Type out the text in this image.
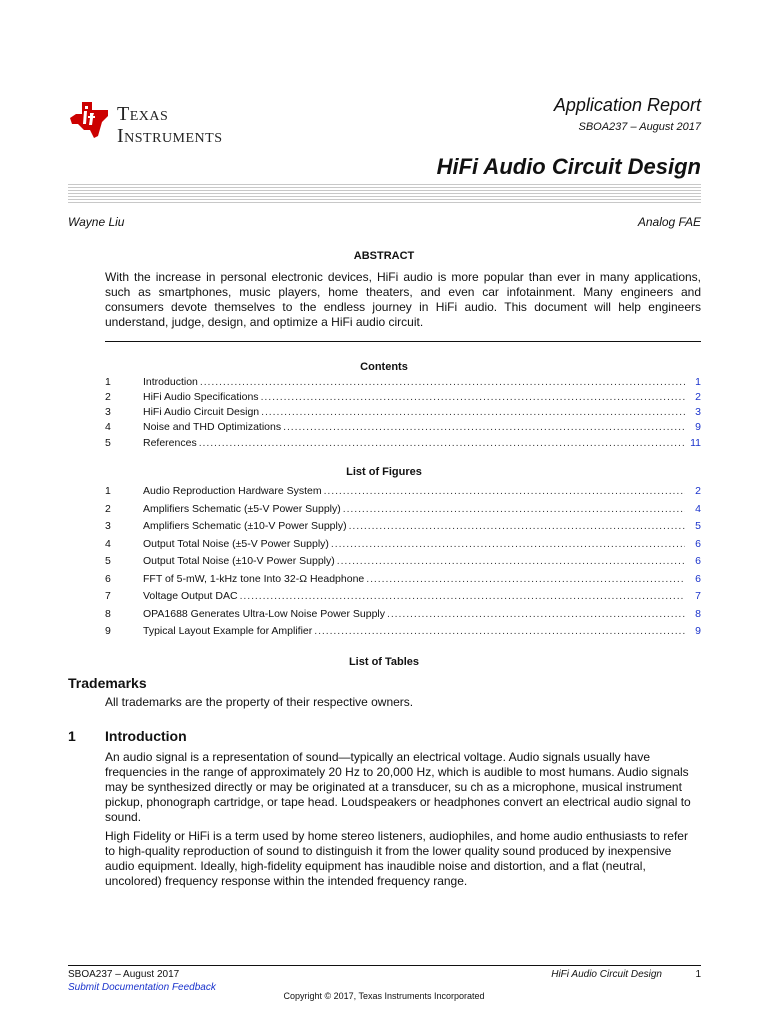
Texas
Instruments
Application Report
SBOA237 – August 2017
HiFi Audio Circuit Design
Wayne Liu	Analog FAE
ABSTRACT
With the increase in personal electronic devices, HiFi audio is more popular than ever in many applications, such as smartphones, music players, home theaters, and even car infotainment. Many engineers and consumers devote themselves to the endless journey in HiFi audio. This document will help engineers understand, judge, design, and optimize a HiFi audio circuit.
Contents
1	Introduction . . .	1
2	HiFi Audio Specifications . . .	2
3	HiFi Audio Circuit Design . . .	3
4	Noise and THD Optimizations . . .	9
5	References . . .	11
List of Figures
1	Audio Reproduction Hardware System . . .	2
2	Amplifiers Schematic (±5-V Power Supply) . . .	4
3	Amplifiers Schematic (±10-V Power Supply) . . .	5
4	Output Total Noise (±5-V Power Supply) . . .	6
5	Output Total Noise (±10-V Power Supply) . . .	6
6	FFT of 5-mW, 1-kHz tone Into 32-Ω Headphone . . .	6
7	Voltage Output DAC . . .	7
8	OPA1688 Generates Ultra-Low Noise Power Supply . . .	8
9	Typical Layout Example for Amplifier . . .	9
List of Tables
Trademarks
All trademarks are the property of their respective owners.
1 Introduction
An audio signal is a representation of sound—typically an electrical voltage. Audio signals usually have frequencies in the range of approximately 20 Hz to 20,000 Hz, which is audible to most humans. Audio signals may be synthesized directly or may be originated at a transducer, su ch as a microphone, musical instrument pickup, phonograph cartridge, or tape head. Loudspeakers or headphones convert an electrical audio signal to sound.
High Fidelity or HiFi is a term used by home stereo listeners, audiophiles, and home audio enthusiasts to refer to high-quality reproduction of sound to distinguish it from the lower quality sound produced by inexpensive audio equipment. Ideally, high-fidelity equipment has inaudible noise and distortion, and a flat (neutral, uncolored) frequency response within the intended frequency range.
SBOA237 – August 2017
Submit Documentation Feedback
HiFi Audio Circuit Design	1
Copyright © 2017, Texas Instruments Incorporated
